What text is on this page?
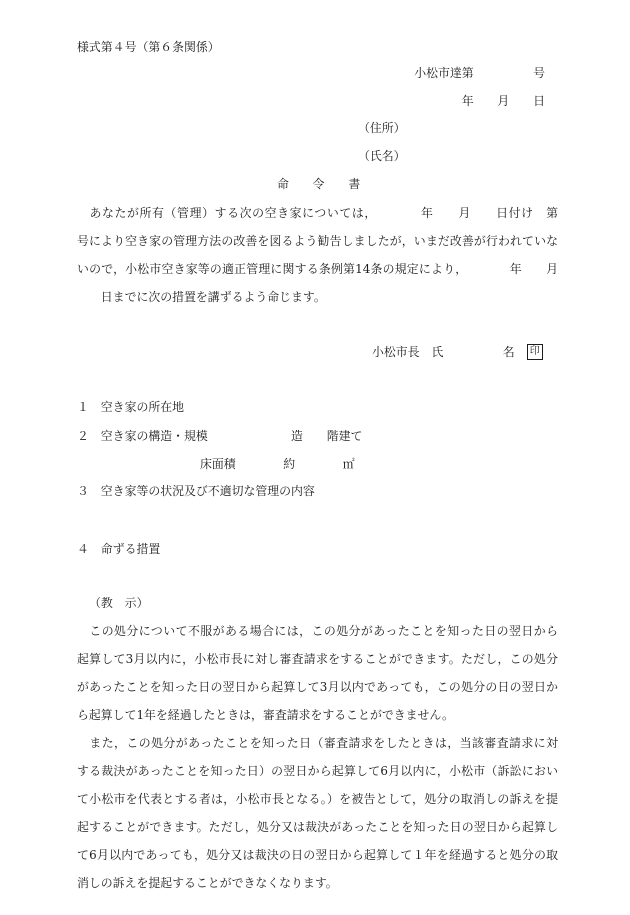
様式第４号（第６条関係）
小松市達第　　　　　号
年　　月　　日
（住所）
（氏名）
命　　令　　書
　あなたが所有（管理）する次の空き家については，　　　　年　　月　　日付け　第
号により空き家の管理方法の改善を図るよう勧告しましたが，いまだ改善が行われていな
いので，小松市空き家等の適正管理に関する条例第14条の規定により，　　　　年　　月
　　日までに次の措置を講ずるよう命じます。
小松市長　氏　　　　　名 印
１　空き家の所在地
２　空き家の構造・規模　　　　　　　造　　階建て
床面積　　　　約　　　　㎡
３　空き家等の状況及び不適切な管理の内容
４　命ずる措置
（教　示）
　この処分について不服がある場合には，この処分があったことを知った日の翌日から
起算して3月以内に，小松市長に対し審査請求をすることができます。ただし，この処分
があったことを知った日の翌日から起算して3月以内であっても，この処分の日の翌日か
ら起算して1年を経過したときは，審査請求をすることができません。
　また，この処分があったことを知った日（審査請求をしたときは，当該審査請求に対
する裁決があったことを知った日）の翌日から起算して6月以内に，小松市（訴訟におい
て小松市を代表とする者は，小松市長となる。）を被告として，処分の取消しの訴えを提
起することができます。ただし，処分又は裁決があったことを知った日の翌日から起算し
て6月以内であっても，処分又は裁決の日の翌日から起算して１年を経過すると処分の取
消しの訴えを提起することができなくなります。
